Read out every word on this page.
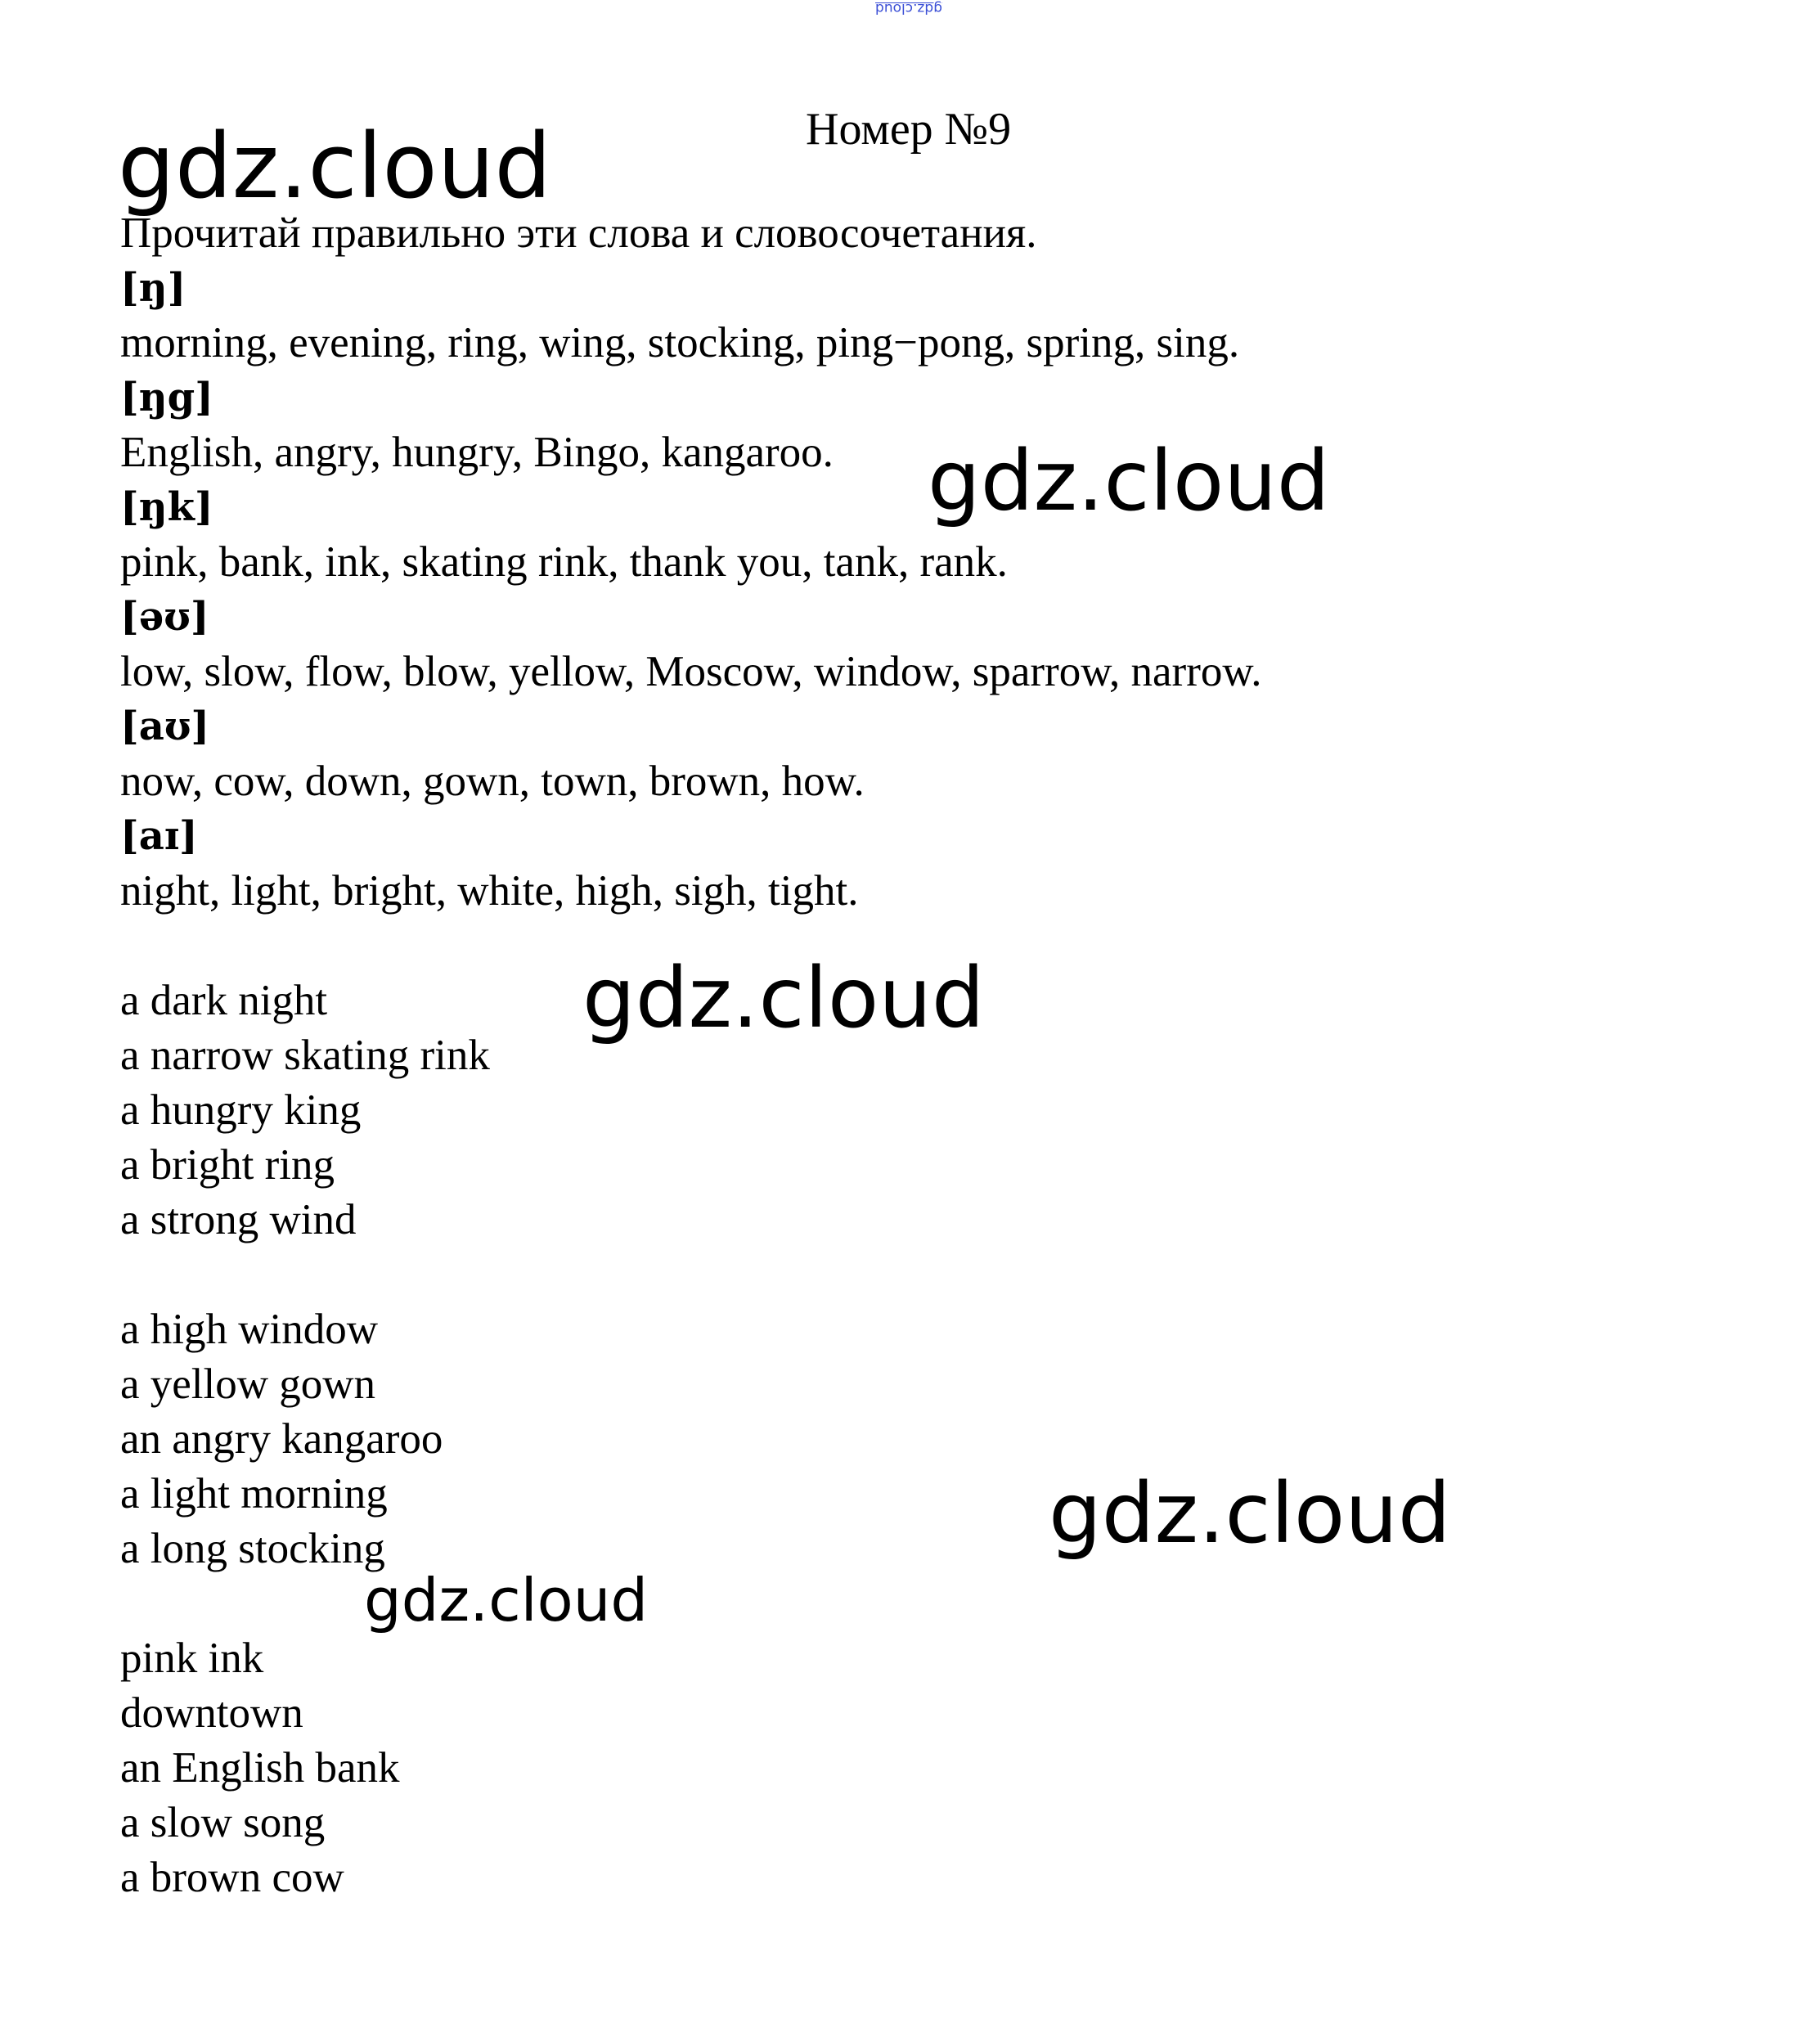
gdz.cloud
Номер №9
gdz.cloud
gdz.cloud
gdz.cloud
gdz.cloud
gdz.cloud
Прочитай правильно эти слова и словосочетания.
[ŋ]
morning, evening, ring, wing, stocking, ping−pong, spring, sing.
[ŋg]
English, angry, hungry, Bingo, kangaroo.
[ŋk]
pink, bank, ink, skating rink, thank you, tank, rank.
[əʊ]
low, slow, flow, blow, yellow, Moscow, window, sparrow, narrow.
[aʊ]
now, cow, down, gown, town, brown, how.
[aɪ]
night, light, bright, white, high, sigh, tight.
a dark night
a narrow skating rink
a hungry king
a bright ring
a strong wind
a high window
a yellow gown
an angry kangaroo
a light morning
a long stocking
pink ink
downtown
an English bank
a slow song
a brown cow
